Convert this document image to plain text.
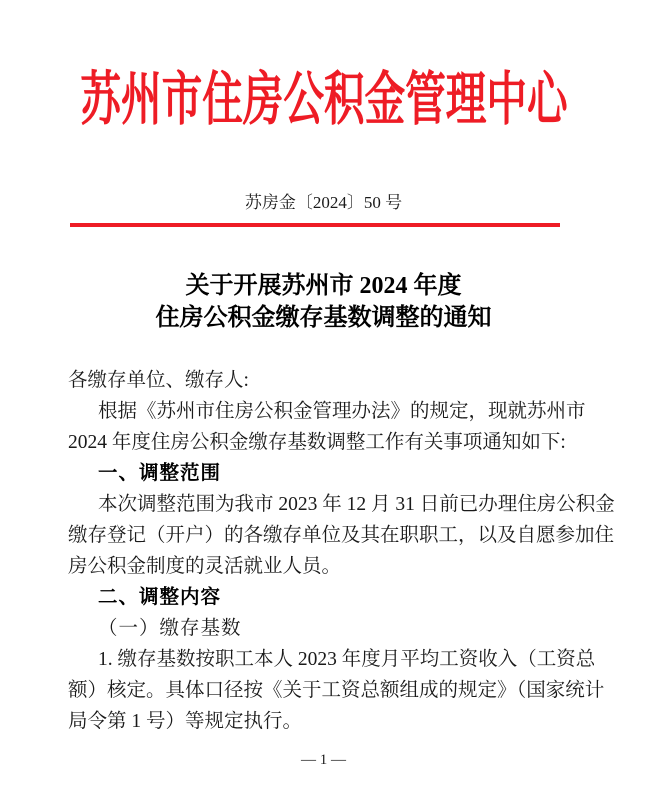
苏州市住房公积金管理中心
苏房金〔2024〕50 号
关于开展苏州市 2024 年度
住房公积金缴存基数调整的通知
各缴存单位、缴存人:
根据《苏州市住房公积金管理办法》的规定，现就苏州市
2024 年度住房公积金缴存基数调整工作有关事项通知如下:
一、调整范围
本次调整范围为我市 2023 年 12 月 31 日前已办理住房公积金
缴存登记（开户）的各缴存单位及其在职职工，以及自愿参加住
房公积金制度的灵活就业人员。
二、调整内容
（一）缴存基数
1. 缴存基数按职工本人 2023 年度月平均工资收入（工资总
额）核定。具体口径按《关于工资总额组成的规定》（国家统计
局令第 1 号）等规定执行。
— 1 —
